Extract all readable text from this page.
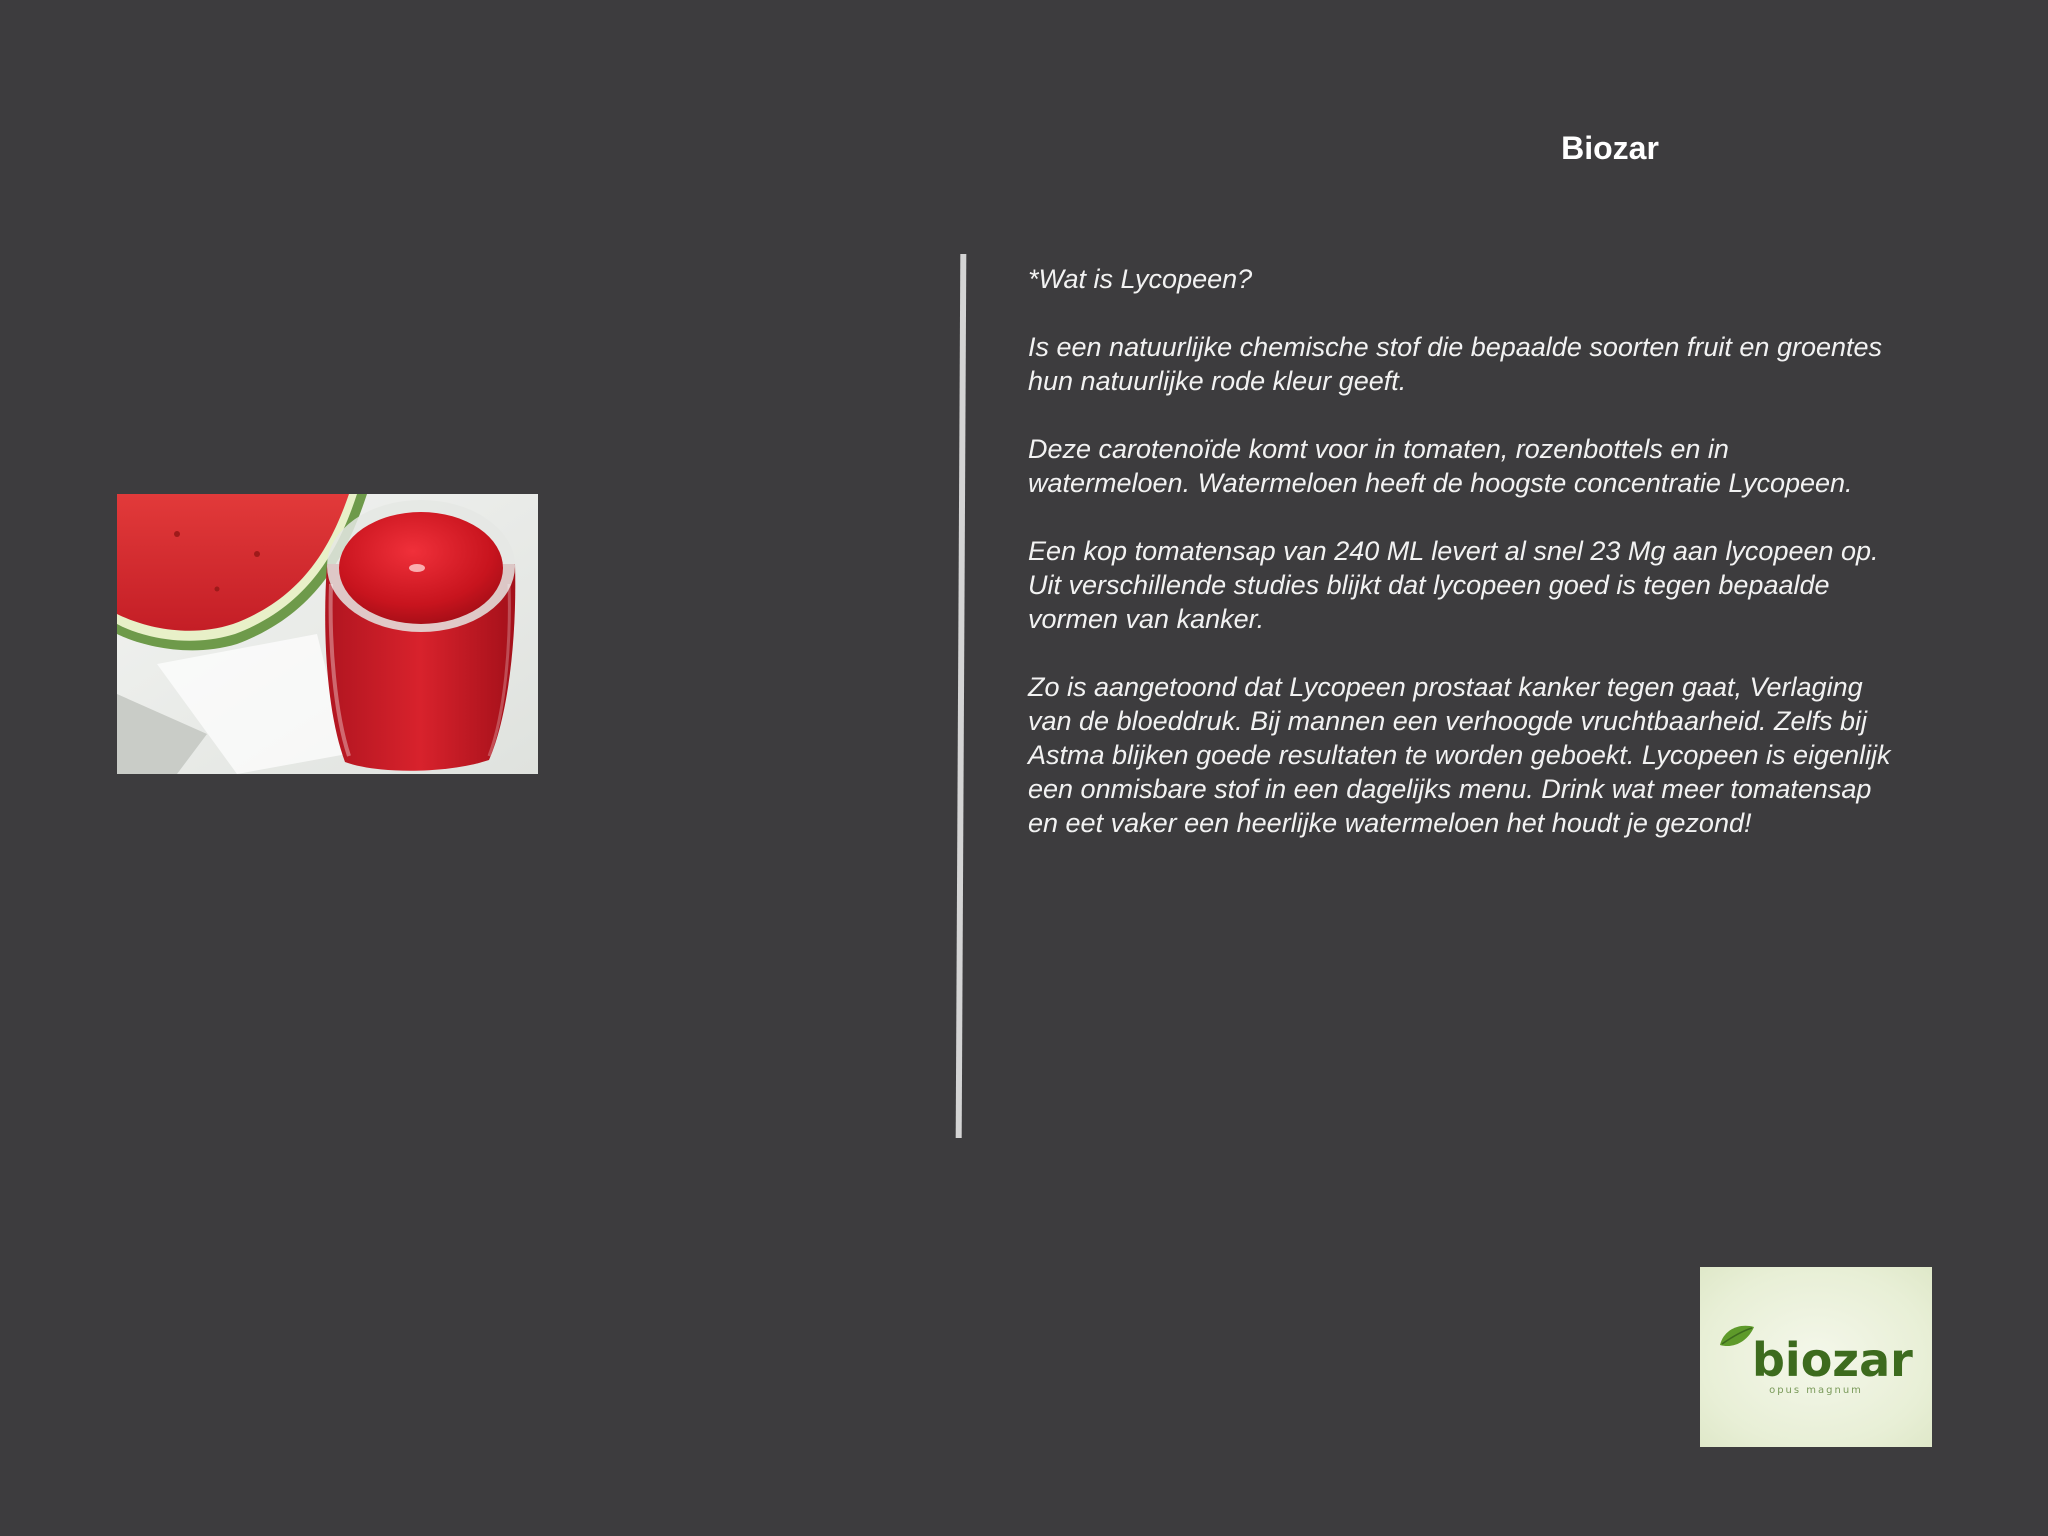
Biozar

*Wat is Lycopeen?

Is een natuurlijke chemische stof die bepaalde soorten fruit en groentes hun natuurlijke rode kleur geeft.

Deze carotenoïde komt voor in tomaten, rozenbottels en in watermeloen. Watermeloen heeft de hoogste concentratie Lycopeen.

Een kop tomatensap van 240 ML levert al snel 23 Mg aan lycopeen op. Uit verschillende studies blijkt dat lycopeen goed is tegen bepaalde vormen van kanker.

Zo is aangetoond dat Lycopeen prostaat kanker tegen gaat, Verlaging van de bloeddruk. Bij mannen een verhoogde vruchtbaarheid. Zelfs bij Astma blijken goede resultaten te worden geboekt. Lycopeen is eigenlijk een onmisbare stof in een dagelijks menu. Drink wat meer tomatensap en eet vaker een heerlijke watermeloen het houdt je gezond!

biozar
opus magnum
